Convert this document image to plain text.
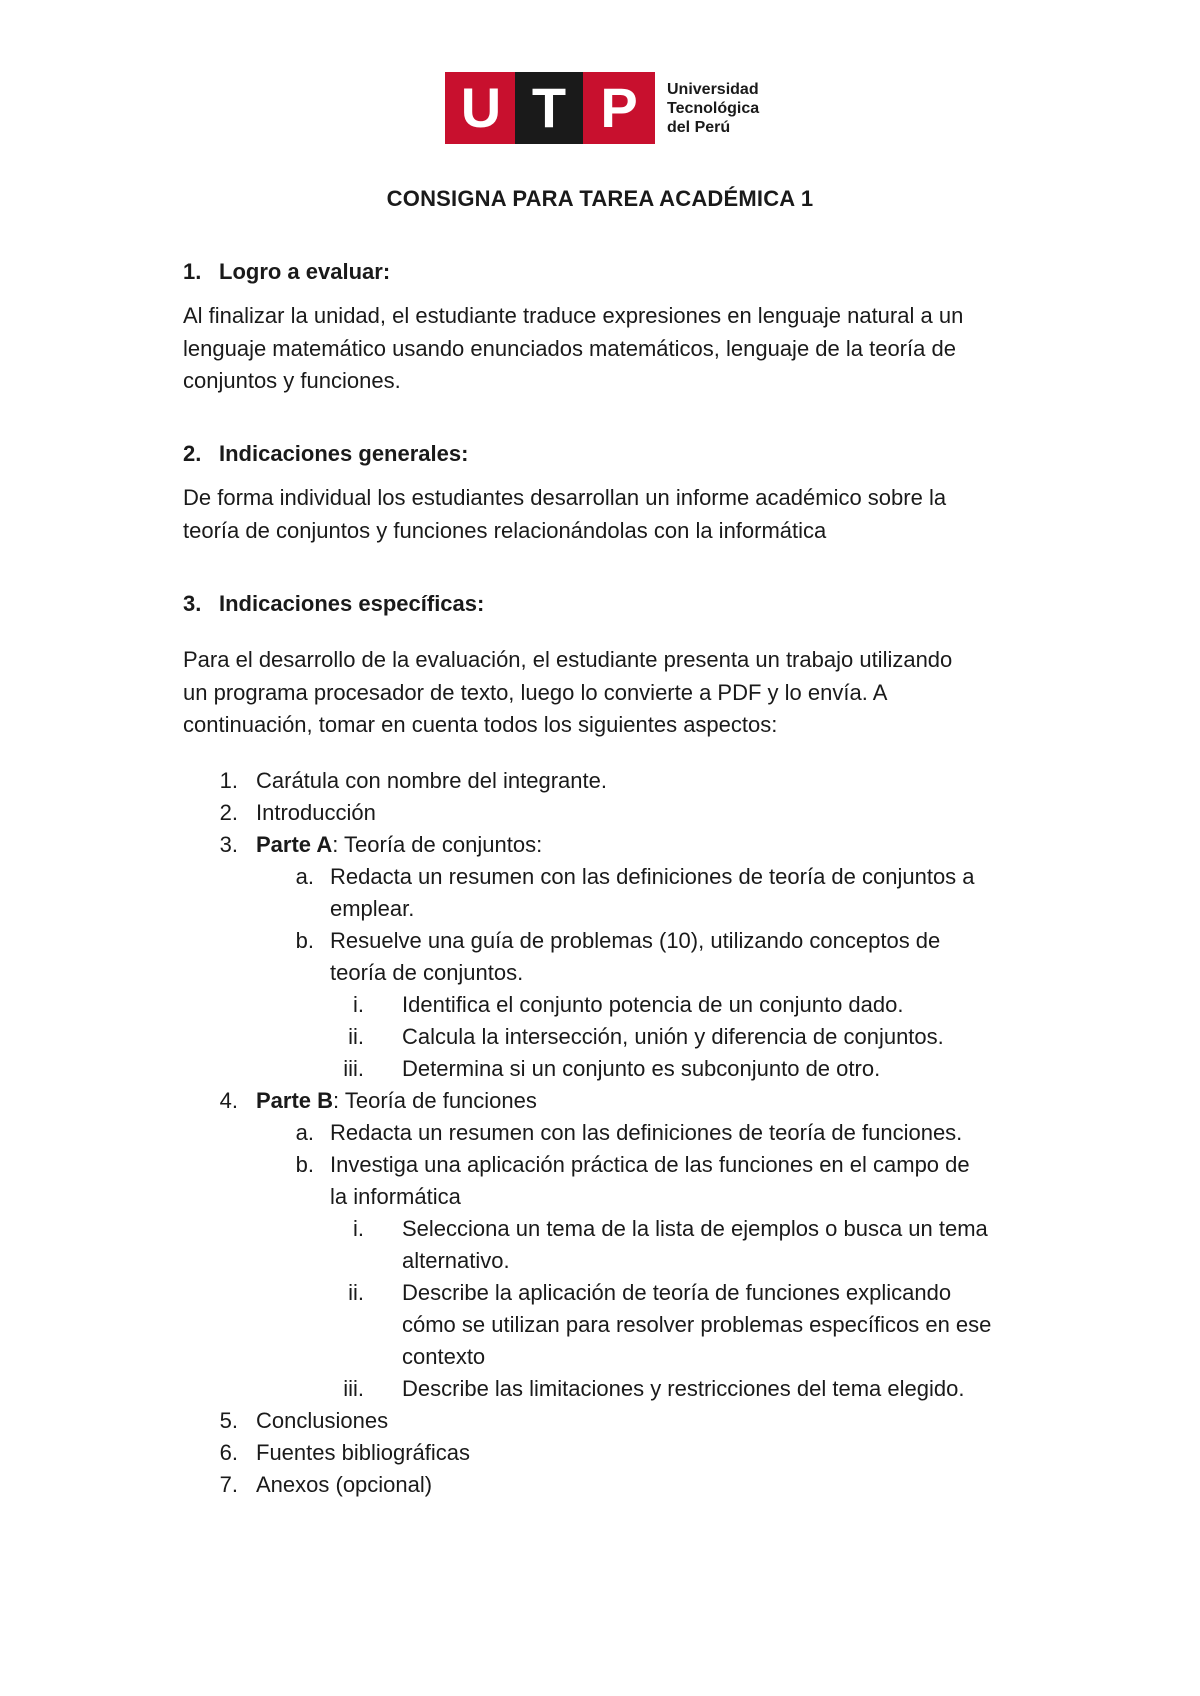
U T P	Universidad
Tecnológica
del Perú
CONSIGNA PARA TAREA ACADÉMICA 1
1. Logro a evaluar:
Al finalizar la unidad, el estudiante traduce expresiones en lenguaje natural a un
lenguaje matemático usando enunciados matemáticos, lenguaje de la teoría de
conjuntos y funciones.
2. Indicaciones generales:
De forma individual los estudiantes desarrollan un informe académico sobre la
teoría de conjuntos y funciones relacionándolas con la informática
3. Indicaciones específicas:
Para el desarrollo de la evaluación, el estudiante presenta un trabajo utilizando
un programa procesador de texto, luego lo convierte a PDF y lo envía. A
continuación, tomar en cuenta todos los siguientes aspectos:
1. Carátula con nombre del integrante.
2. Introducción
3. Parte A: Teoría de conjuntos:
a. Redacta un resumen con las definiciones de teoría de conjuntos a
emplear.
b. Resuelve una guía de problemas (10), utilizando conceptos de
teoría de conjuntos.
i. Identifica el conjunto potencia de un conjunto dado.
ii. Calcula la intersección, unión y diferencia de conjuntos.
iii. Determina si un conjunto es subconjunto de otro.
4. Parte B: Teoría de funciones
a. Redacta un resumen con las definiciones de teoría de funciones.
b. Investiga una aplicación práctica de las funciones en el campo de
la informática
i. Selecciona un tema de la lista de ejemplos o busca un tema
alternativo.
ii. Describe la aplicación de teoría de funciones explicando
cómo se utilizan para resolver problemas específicos en ese
contexto
iii. Describe las limitaciones y restricciones del tema elegido.
5. Conclusiones
6. Fuentes bibliográficas
7. Anexos (opcional)
